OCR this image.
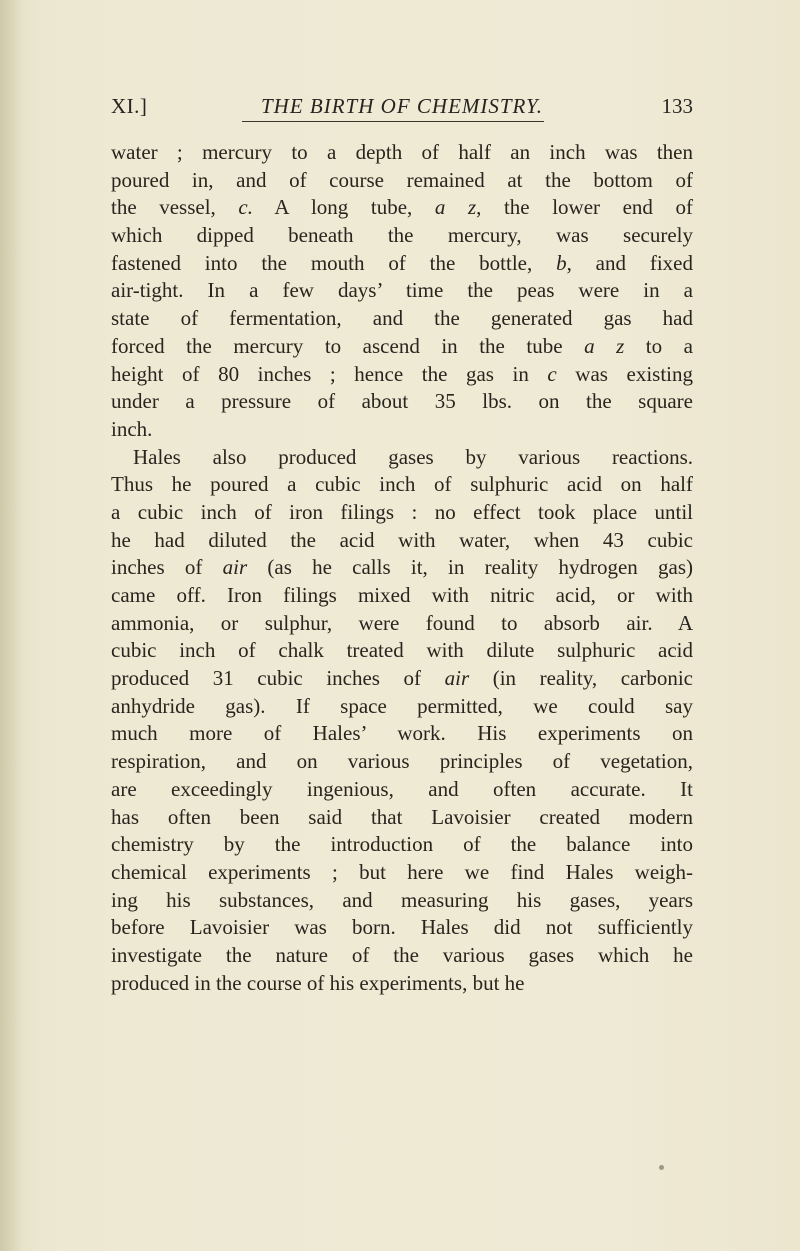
XI.]	THE BIRTH OF CHEMISTRY.	133
water ; mercury to a depth of half an inch was then
poured in, and of course remained at the bottom of
the vessel, c. A long tube, a z, the lower end of
which dipped beneath the mercury, was securely
fastened into the mouth of the bottle, b, and fixed
air-tight. In a few days’ time the peas were in a
state of fermentation, and the generated gas had
forced the mercury to ascend in the tube a z to a
height of 80 inches ; hence the gas in c was existing
under a pressure of about 35 lbs. on the square
inch.
Hales also produced gases by various reactions.
Thus he poured a cubic inch of sulphuric acid on half
a cubic inch of iron filings : no effect took place until
he had diluted the acid with water, when 43 cubic
inches of air (as he calls it, in reality hydrogen gas)
came off. Iron filings mixed with nitric acid, or with
ammonia, or sulphur, were found to absorb air. A
cubic inch of chalk treated with dilute sulphuric acid
produced 31 cubic inches of air (in reality, carbonic
anhydride gas). If space permitted, we could say
much more of Hales’ work. His experiments on
respiration, and on various principles of vegetation,
are exceedingly ingenious, and often accurate. It
has often been said that Lavoisier created modern
chemistry by the introduction of the balance into
chemical experiments ; but here we find Hales weigh-
ing his substances, and measuring his gases, years
before Lavoisier was born. Hales did not sufficiently
investigate the nature of the various gases which he
produced in the course of his experiments, but he
